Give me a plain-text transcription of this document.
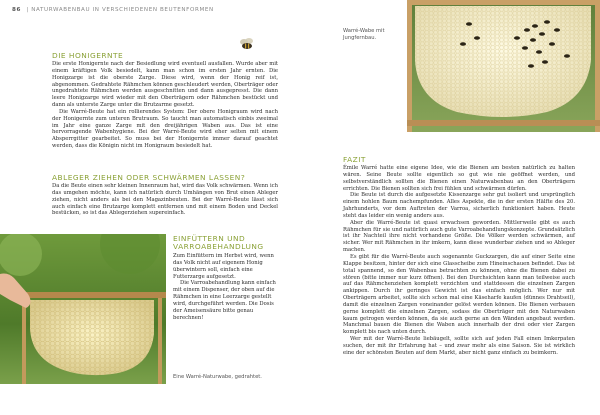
86 | NATURWABENBAU IN VERSCHIEDENEN BEUTENFORMEN
DIE HONIGERNTE

Die erste Honigernte nach der Besiedlung wird eventuell ausfallen. Wurde aber mit einem kräftigen Volk besiedelt, kann man schon im ersten Jahr ernten. Die Honigzarge ist die oberste Zarge. Diese wird, wenn der Honig reif ist, abgenommen. Gedrahtete Rähmchen können geschleudert werden, Oberträger oder ungedrahtete Rähmchen werden ausgeschnitten und dann ausgepresst. Die dann leere Honigzarge wird wieder mit den Oberträgern oder Rähmchen bestückt und dann als unterste Zarge unter die Brutzarme gesetzt.

Die Warré-Beute hat ein rollierendes System: Der obere Honigraum wird nach der Honigernte zum unteren Brutraum. So taucht man automatisch einbis zweimal im Jahr eine ganze Zarge mit den dreijährigen Waben aus. Das ist eine hervorragende Wabenhygiene. Bei der Warré-Beute wird eher selten mit einem Absperrgitter gearbeitet. So muss bei der Honigernte immer darauf geachtet werden, dass die Königin nicht im Honigraum besiedelt hat.

ABLEGER ZIEHEN ODER SCHWÄRMEN LASSEN?

Da die Beute einen sehr kleinen Innenraum hat, wird das Volk schwärmen. Wenn ich das umgehen möchte, kann ich natürlich durch Umhängen von Brut einen Ableger ziehen, nicht anders als bei den Magazinbeuten. Bei der Warré-Beute lässt sich auch einfach eine Brutzarge komplett entfernen und mit einem Boden und Deckel bestücken, so ist das Ablegerziehen supereinfach.

EINFÜTTERN UND
VARROABEHANDLUNG

Zum Einfüttern im Herbst wird, wenn das Volk nicht auf eigenem Honig überwintern soll, einfach eine Futterzarge aufgesetzt.

Die Varroabehandlung kann einfach mit einem Dispenser, der oben auf die Rähmchen in eine Leerzarge gestellt wird, durchgeführt werden. Die Dosis der Ameisensäure bitte genau berechnen!

Eine Warré-Naturwabe, gedrahtet.
Warré-Wabe mit Jungfernbau.
FAZIT

Émile Warré hatte eine eigene Idee, wie die Bienen am besten natürlich zu halten wären. Seine Beute sollte eigentlich so gut wie nie geöffnet werden, und selbstverständlich sollten die Bienen einen Naturwabenbau an den Oberträgern errichten. Die Bienen sollten sich frei fühlen und schwärmen dürfen.

Die Beute ist durch die aufgesetzte Kissenzarge sehr gut isoliert und ursprünglich einem hohlen Baum nachempfunden. Alles Aspekte, die in der ersten Hälfte des 20. Jahrhunderts, vor dem Auftreten der Varroa, sicherlich funktioniert haben. Heute steht das leider ein wenig anders aus.

Aber die Warré-Beute ist quasi erwachsen geworden. Mittlerweile gibt es auch Rähmchen für sie und natürlich auch gute Varroabehandlungskonzepte. Grundsätzlich ist ihr Nachteil ihre nicht vorhandene Größe. Die Völker werden schwärmen, auf sicher. Wer mit Rähmchen in ihr imkern, kann diese wunderbar ziehen und so Ableger machen.

Es gibt für die Warré-Beute auch sogenannte Guckzargen, die auf einer Seite eine Klappe besitzen, hinter der sich eine Glasscheibe zum Hineinschauen befindet. Das ist total spannend, so den Wabenbau betrachten zu können, ohne die Bienen dabei zu stören (bitte immer nur kurz öffnen). Bei den Durchsichten kann man teilweise auch auf das Rähmchenziehen komplett verzichten und stattdessen die einzelnen Zargen ankippen. Durch ihr geringes Gewicht ist das einfach möglich. Wer nur mit Oberträgern arbeitet, sollte sich schon mal eine Käseharfe kaufen (dünnes Drahtseil), damit die einzelnen Zargen voneinander gelöst werden können. Die Bienen verbauen gerne komplett die einzelnen Zargen, sodass die Oberträger mit den Naturwaben kaum getrogen werden können, da sie auch gerne an den Wänden angebaut werden. Manchmal bauen die Bienen die Waben auch innerhalb der drei oder vier Zargen komplett bis nach unten durch.

Wer mit der Warré-Beute liebäugelt, sollte sich auf jeden Fall einen Imkerpaten suchen, der mit ihr Erfahrung hat – und zwar mehr als eine Saison. Sie ist wirklich eine der schönsten Beuten auf dem Markt, aber nicht ganz einfach zu beimkern.
